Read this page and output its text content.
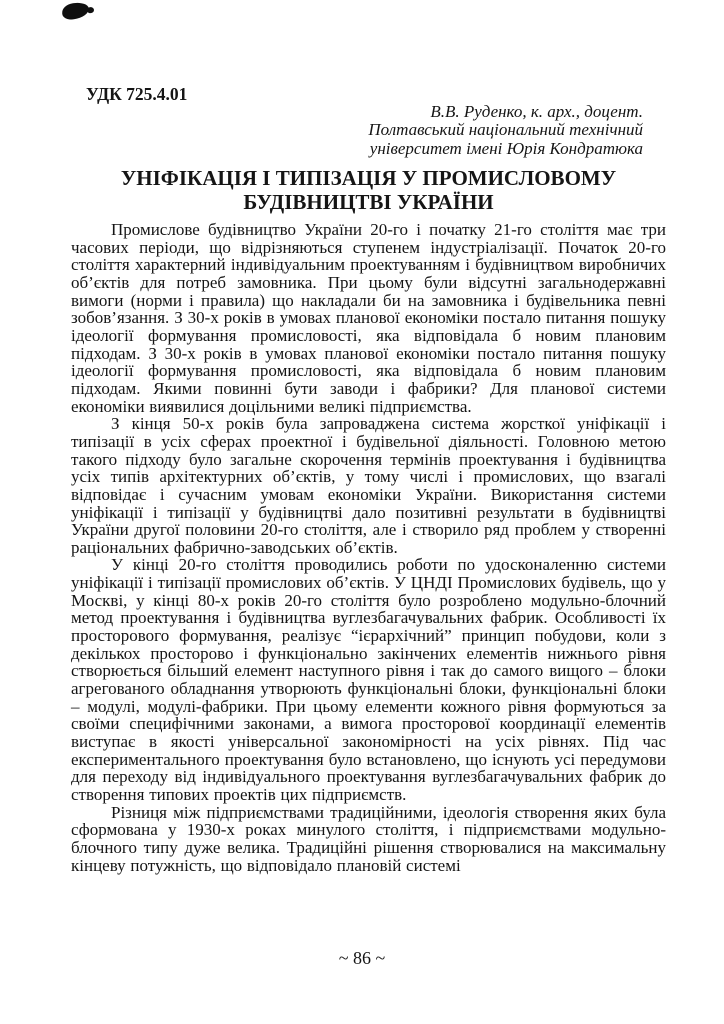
УДК 725.4.01
В.В. Руденко, к. арх., доцент.
Полтавський національний технічний
університет імені Юрія Кондратюка
УНІФІКАЦІЯ І ТИПІЗАЦІЯ У ПРОМИСЛОВОМУ БУДІВНИЦТВІ УКРАЇНИ

Промислове будівництво України 20-го і початку 21-го століття має три часових періоди, що відрізняються ступенем індустріалізації. Початок 20-го століття характерний індивідуальним проектуванням і будівництвом виробничих об’єктів для потреб замовника. При цьому були відсутні загальнодержавні вимоги (норми і правила) що накладали би на замовника і будівельника певні зобов’язання. З 30-х років в умовах планової економіки постало питання пошуку ідеології формування промисловості, яка відповідала б новим плановим підходам. З 30-х років в умовах планової економіки постало питання пошуку ідеології формування промисловості, яка відповідала б новим плановим підходам. Якими повинні бути заводи і фабрики? Для планової системи економіки виявилися доцільними великі підприємства.

З кінця 50-х років була запроваджена система жорсткої уніфікації і типізації в усіх сферах проектної і будівельної діяльності. Головною метою такого підходу було загальне скорочення термінів проектування і будівництва усіх типів архітектурних об’єктів, у тому числі і промислових, що взагалі відповідає і сучасним умовам економіки України. Використання системи уніфікації і типізації у будівництві дало позитивні результати в будівництві України другої половини 20-го століття, але і створило ряд проблем у створенні раціональних фабрично-заводських об’єктів.

У кінці 20-го століття проводились роботи по удосконаленню системи уніфікації і типізації промислових об’єктів. У ЦНДІ Промислових будівель, що у Москві, у кінці 80-х років 20-го століття було розроблено модульно-блочний метод проектування і будівництва вуглезбагачувальних фабрик. Особливості їх просторового формування, реалізує “ієрархічний” принцип побудови, коли з декількох просторово і функціонально закінчених елементів нижнього рівня створюється більший елемент наступного рівня і так до самого вищого – блоки агрегованого обладнання утворюють функціональні блоки, функціональні блоки – модулі, модулі-фабрики. При цьому елементи кожного рівня формуються за своїми специфічними законами, а вимога просторової координації елементів виступає в якості універсальної закономірності на усіх рівнях. Під час експериментального проектування було встановлено, що існують усі передумови для переходу від індивідуального проектування вуглезбагачувальних фабрик до створення типових проектів цих підприємств.

Різниця між підприємствами традиційними, ідеологія створення яких була сформована у 1930-х роках минулого століття, і підприємствами модульно-блочного типу дуже велика. Традиційні рішення створювалися на максимальну кінцеву потужність, що відповідало плановій системі

~ 86 ~
